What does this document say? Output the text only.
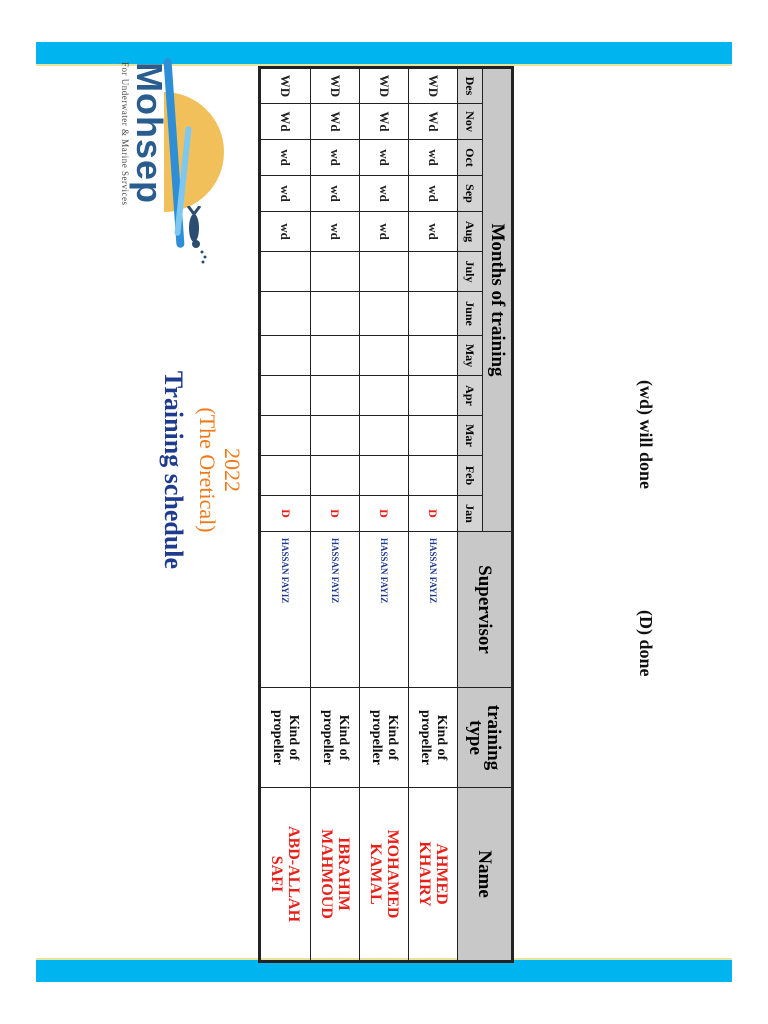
Mohsep
For Underwater & Marine Services
Training schedule (The Oretical) 2022
Months of training												Supervisor	training type	Name
Des	Nov	Oct	Sep	Aug	July	June	May	Apr	Mar	Feb	Jan			
WD	Wd	wd	wd	wd							D	HASSAN FAYIZ	Kind of
propeller	AHMED
KHAIRY
WD	Wd	wd	wd	wd							D	HASSAN FAYIZ	Kind of
propeller	MOHAMED
KAMAL
WD	Wd	wd	wd	wd							D	HASSAN FAYIZ	Kind of
propeller	IBRAHIM
MAHMOUD
WD	Wd	wd	wd	wd							D	HASSAN FAYIZ	Kind of
propeller	ABD-ALLAH
SAFI
(wd) will done
(D) done
